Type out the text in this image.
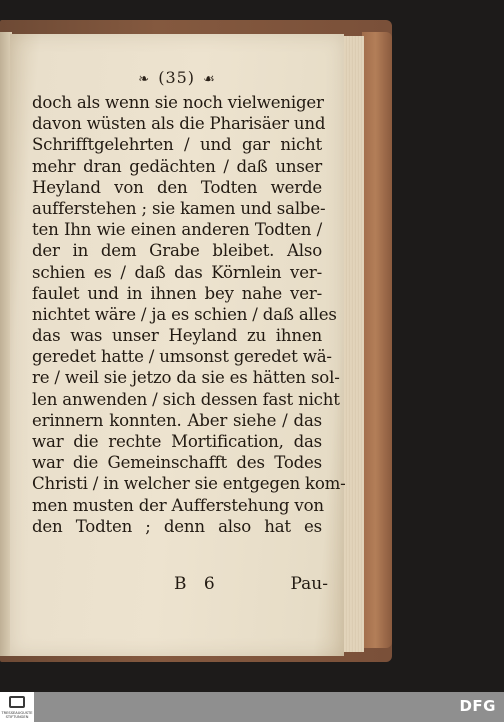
❧ (35) ☙
doch als wenn sie noch vielweniger
davon wüsten als die Pharisäer und
Schrifftgelehrten / und gar nicht
mehr dran gedächten / daß unser
Heyland von den Todten werde
aufferstehen ; sie kamen und salbe-
ten Ihn wie einen anderen Todten /
der in dem Grabe bleibet. Also
schien es / daß das Körnlein ver-
faulet und in ihnen bey nahe ver-
nichtet wäre / ja es schien / daß alles
das was unser Heyland zu ihnen
geredet hatte / umsonst geredet wä-
re / weil sie jetzo da sie es hätten sol-
len anwenden / sich dessen fast nicht
erinnern konnten. Aber siehe / das
war die rechte Mortification, das
war die Gemeinschafft des Todes
Christi / in welcher sie entgegen kom-
men musten der Aufferstehung von
den Todten ; denn also hat es
B 6	Pau-
TRESSEAUGUSTE STIFTUNGEN
DFG
